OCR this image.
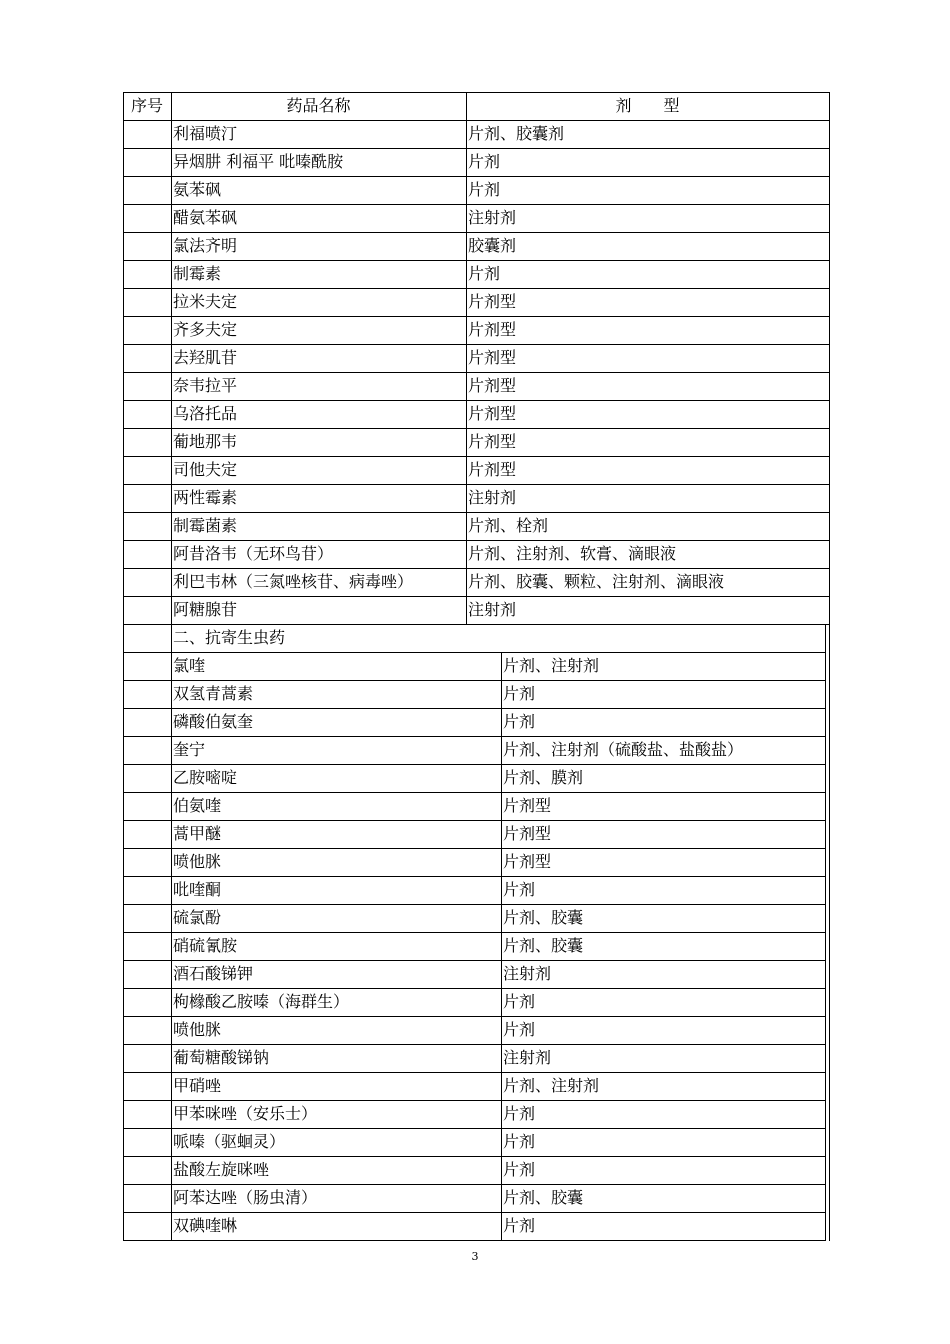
序号	药品名称	剂　　型
利福喷汀	片剂、胶囊剂
异烟肼 利福平 吡嗪酰胺	片剂
氨苯砜	片剂
醋氨苯砜	注射剂
氯法齐明	胶囊剂
制霉素	片剂
拉米夫定	片剂型
齐多夫定	片剂型
去羟肌苷	片剂型
奈韦拉平	片剂型
乌洛托品	片剂型
葡地那韦	片剂型
司他夫定	片剂型
两性霉素	注射剂
制霉菌素	片剂、栓剂
阿昔洛韦（无环鸟苷）	片剂、注射剂、软膏、滴眼液
利巴韦林（三氮唑核苷、病毒唑）	片剂、胶囊、颗粒、注射剂、滴眼液
阿糖腺苷	注射剂
二、抗寄生虫药
氯喹	片剂、注射剂
双氢青蒿素	片剂
磷酸伯氨奎	片剂
奎宁	片剂、注射剂（硫酸盐、盐酸盐）
乙胺嘧啶	片剂、膜剂
伯氨喹	片剂型
蒿甲醚	片剂型
喷他脒	片剂型
吡喹酮	片剂
硫氯酚	片剂、胶囊
硝硫氰胺	片剂、胶囊
酒石酸锑钾	注射剂
枸橼酸乙胺嗪（海群生）	片剂
喷他脒	片剂
葡萄糖酸锑钠	注射剂
甲硝唑	片剂、注射剂
甲苯咪唑（安乐士）	片剂
哌嗪（驱蛔灵）	片剂
盐酸左旋咪唑	片剂
阿苯达唑（肠虫清）	片剂、胶囊
双碘喹啉	片剂
3
